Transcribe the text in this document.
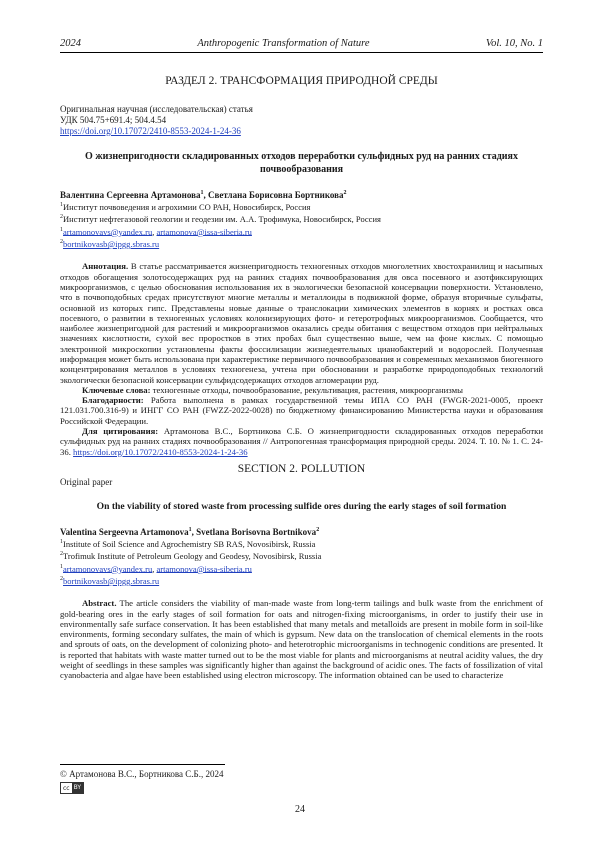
2024	Anthropogenic Transformation of Nature	Vol. 10, No. 1
РАЗДЕЛ 2. ТРАНСФОРМАЦИЯ ПРИРОДНОЙ СРЕДЫ
Оригинальная научная (исследовательская) статья
УДК 504.75+691.4; 504.4.54
https://doi.org/10.17072/2410-8553-2024-1-24-36
О жизнепригодности складированных отходов переработки сульфидных руд на ранних стадиях почвообразования
Валентина Сергеевна Артамонова$^1$, Светлана Борисовна Бортникова$^2$
$^1$Институт почвоведения и агрохимии СО РАН, Новосибирск, Россия
$^2$Институт нефтегазовой геологии и геодезии им. А.А. Трофимука, Новосибирск, Россия
$^1$artamonovavs@yandex.ru, artamonova@issa-siberia.ru
$^2$bortnikovasb@ipgg.sbras.ru

Аннотация. В статье рассматривается жизнепригодность техногенных отходов многолетних хвостохранилищ и насыпных отходов обогащения золотосодержащих руд на ранних стадиях почвообразования для овса посевного и азотфиксирующих микроорганизмов, с целью обоснования использования их в экологически безопасной консервации поверхности. Установлено, что в почвоподобных средах присутствуют многие металлы и металлоиды в подвижной форме, образуя вторичные сульфаты, основной из которых гипс. Представлены новые данные о транслокации химических элементов в корнях и ростках овса посевного, о развитии в техногенных условиях колонизирующих фото- и гетеротрофных микроорганизмов. Сообщается, что наиболее жизнепригодной для растений и микроорганизмов оказались среды обитания с веществом отходов при нейтральных значениях кислотности, сухой вес проростков в этих пробах был существенно выше, чем на фоне кислых. С помощью электронной микроскопии установлены факты фоссилизации жизнедеятельных цианобактерий и водорослей. Полученная информация может быть использована при характеристике первичного почвообразования и современных механизмов биогенного концентрирования металлов в условиях техногенеза, учтена при обосновании и разработке природоподобных технологий экологически безопасной консервации сульфидсодержащих отходов агломерации руд.

Ключевые слова: техногенные отходы, почвообразование, рекультивация, растения, микроорганизмы

Благодарности: Работа выполнена в рамках государственной темы ИПА СО РАН (FWGR-2021-0005, проект 121.031.700.316-9) и ИНГГ СО РАН (FWZZ-2022-0028) по бюджетному финансированию Министерства науки и образования Российской Федерации.

Для цитирования: Артамонова В.С., Бортникова С.Б. О жизнепригодности складированных отходов переработки сульфидных руд на ранних стадиях почвообразования // Антропогенная трансформация природной среды. 2024. Т. 10. № 1. С. 24-36. https://doi.org/10.17072/2410-8553-2024-1-24-36

SECTION 2. POLLUTION
Original paper
On the viability of stored waste from processing sulfide ores during the early stages of soil formation
Valentina Sergeevna Artamonova$^1$, Svetlana Borisovna Bortnikova$^2$
$^1$Institute of Soil Science and Agrochemistry SB RAS, Novosibirsk, Russia
$^2$Trofimuk Institute of Petroleum Geology and Geodesy, Novosibirsk, Russia
$^1$artamonovavs@yandex.ru, artamonova@issa-siberia.ru
$^2$bortnikovasb@ipgg.sbras.ru

Abstract. The article considers the viability of man-made waste from long-term tailings and bulk waste from the enrichment of gold-bearing ores in the early stages of soil formation for oats and nitrogen-fixing microorganisms, in order to justify their use in environmentally safe surface conservation. It has been established that many metals and metalloids are present in mobile form in soil-like environments, forming secondary sulfates, the main of which is gypsum. New data on the translocation of chemical elements in the roots and sprouts of oats, on the development of colonizing photo- and heterotrophic microorganisms in technogenic conditions are presented. It is reported that habitats with waste matter turned out to be the most viable for plants and microorganisms at neutral acidity values, the dry weight of seedlings in these samples was significantly higher than against the background of acidic ones. The facts of fossilization of vital cyanobacteria and algae have been established using electron microscopy. The information obtained can be used to characterize

© Артамонова В.С., Бортникова С.Б., 2024
cc BY
24
